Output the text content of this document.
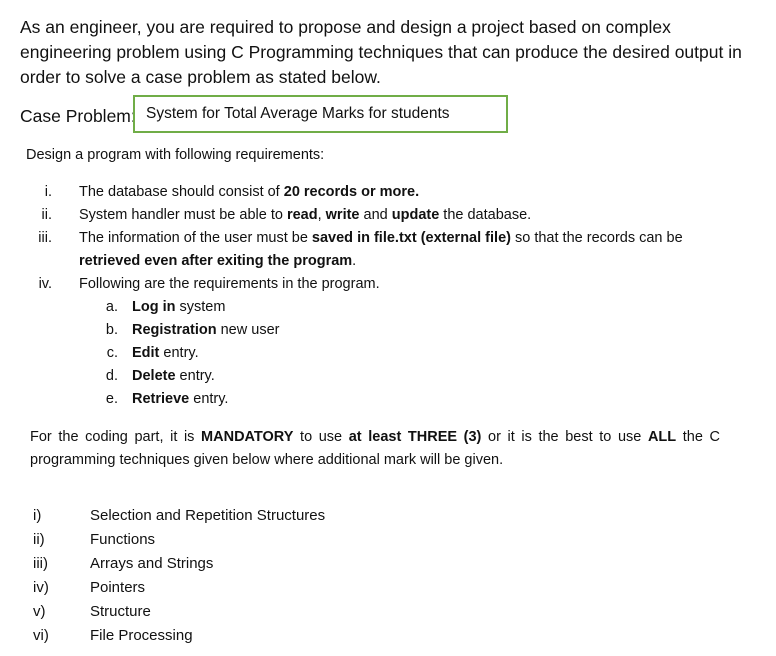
As an engineer, you are required to propose and design a project based on complex engineering problem using C Programming techniques that can produce the desired output in order to solve a case problem as stated below.

Case Problem: System for Total Average Marks for students
Design a program with following requirements:
i. The database should consist of 20 records or more.
ii. System handler must be able to read, write and update the database.
iii. The information of the user must be saved in file.txt (external file) so that the records can be
retrieved even after exiting the program.
iv. Following are the requirements in the program.
a. Log in system
b. Registration new user
c. Edit entry.
d. Delete entry.
e. Retrieve entry.

For the coding part, it is MANDATORY to use at least THREE (3) or it is the best to use ALL the C programming techniques given below where additional mark will be given.

i)	Selection and Repetition Structures
ii)	Functions
iii)	Arrays and Strings
iv)	Pointers
v)	Structure
vi)	File Processing
